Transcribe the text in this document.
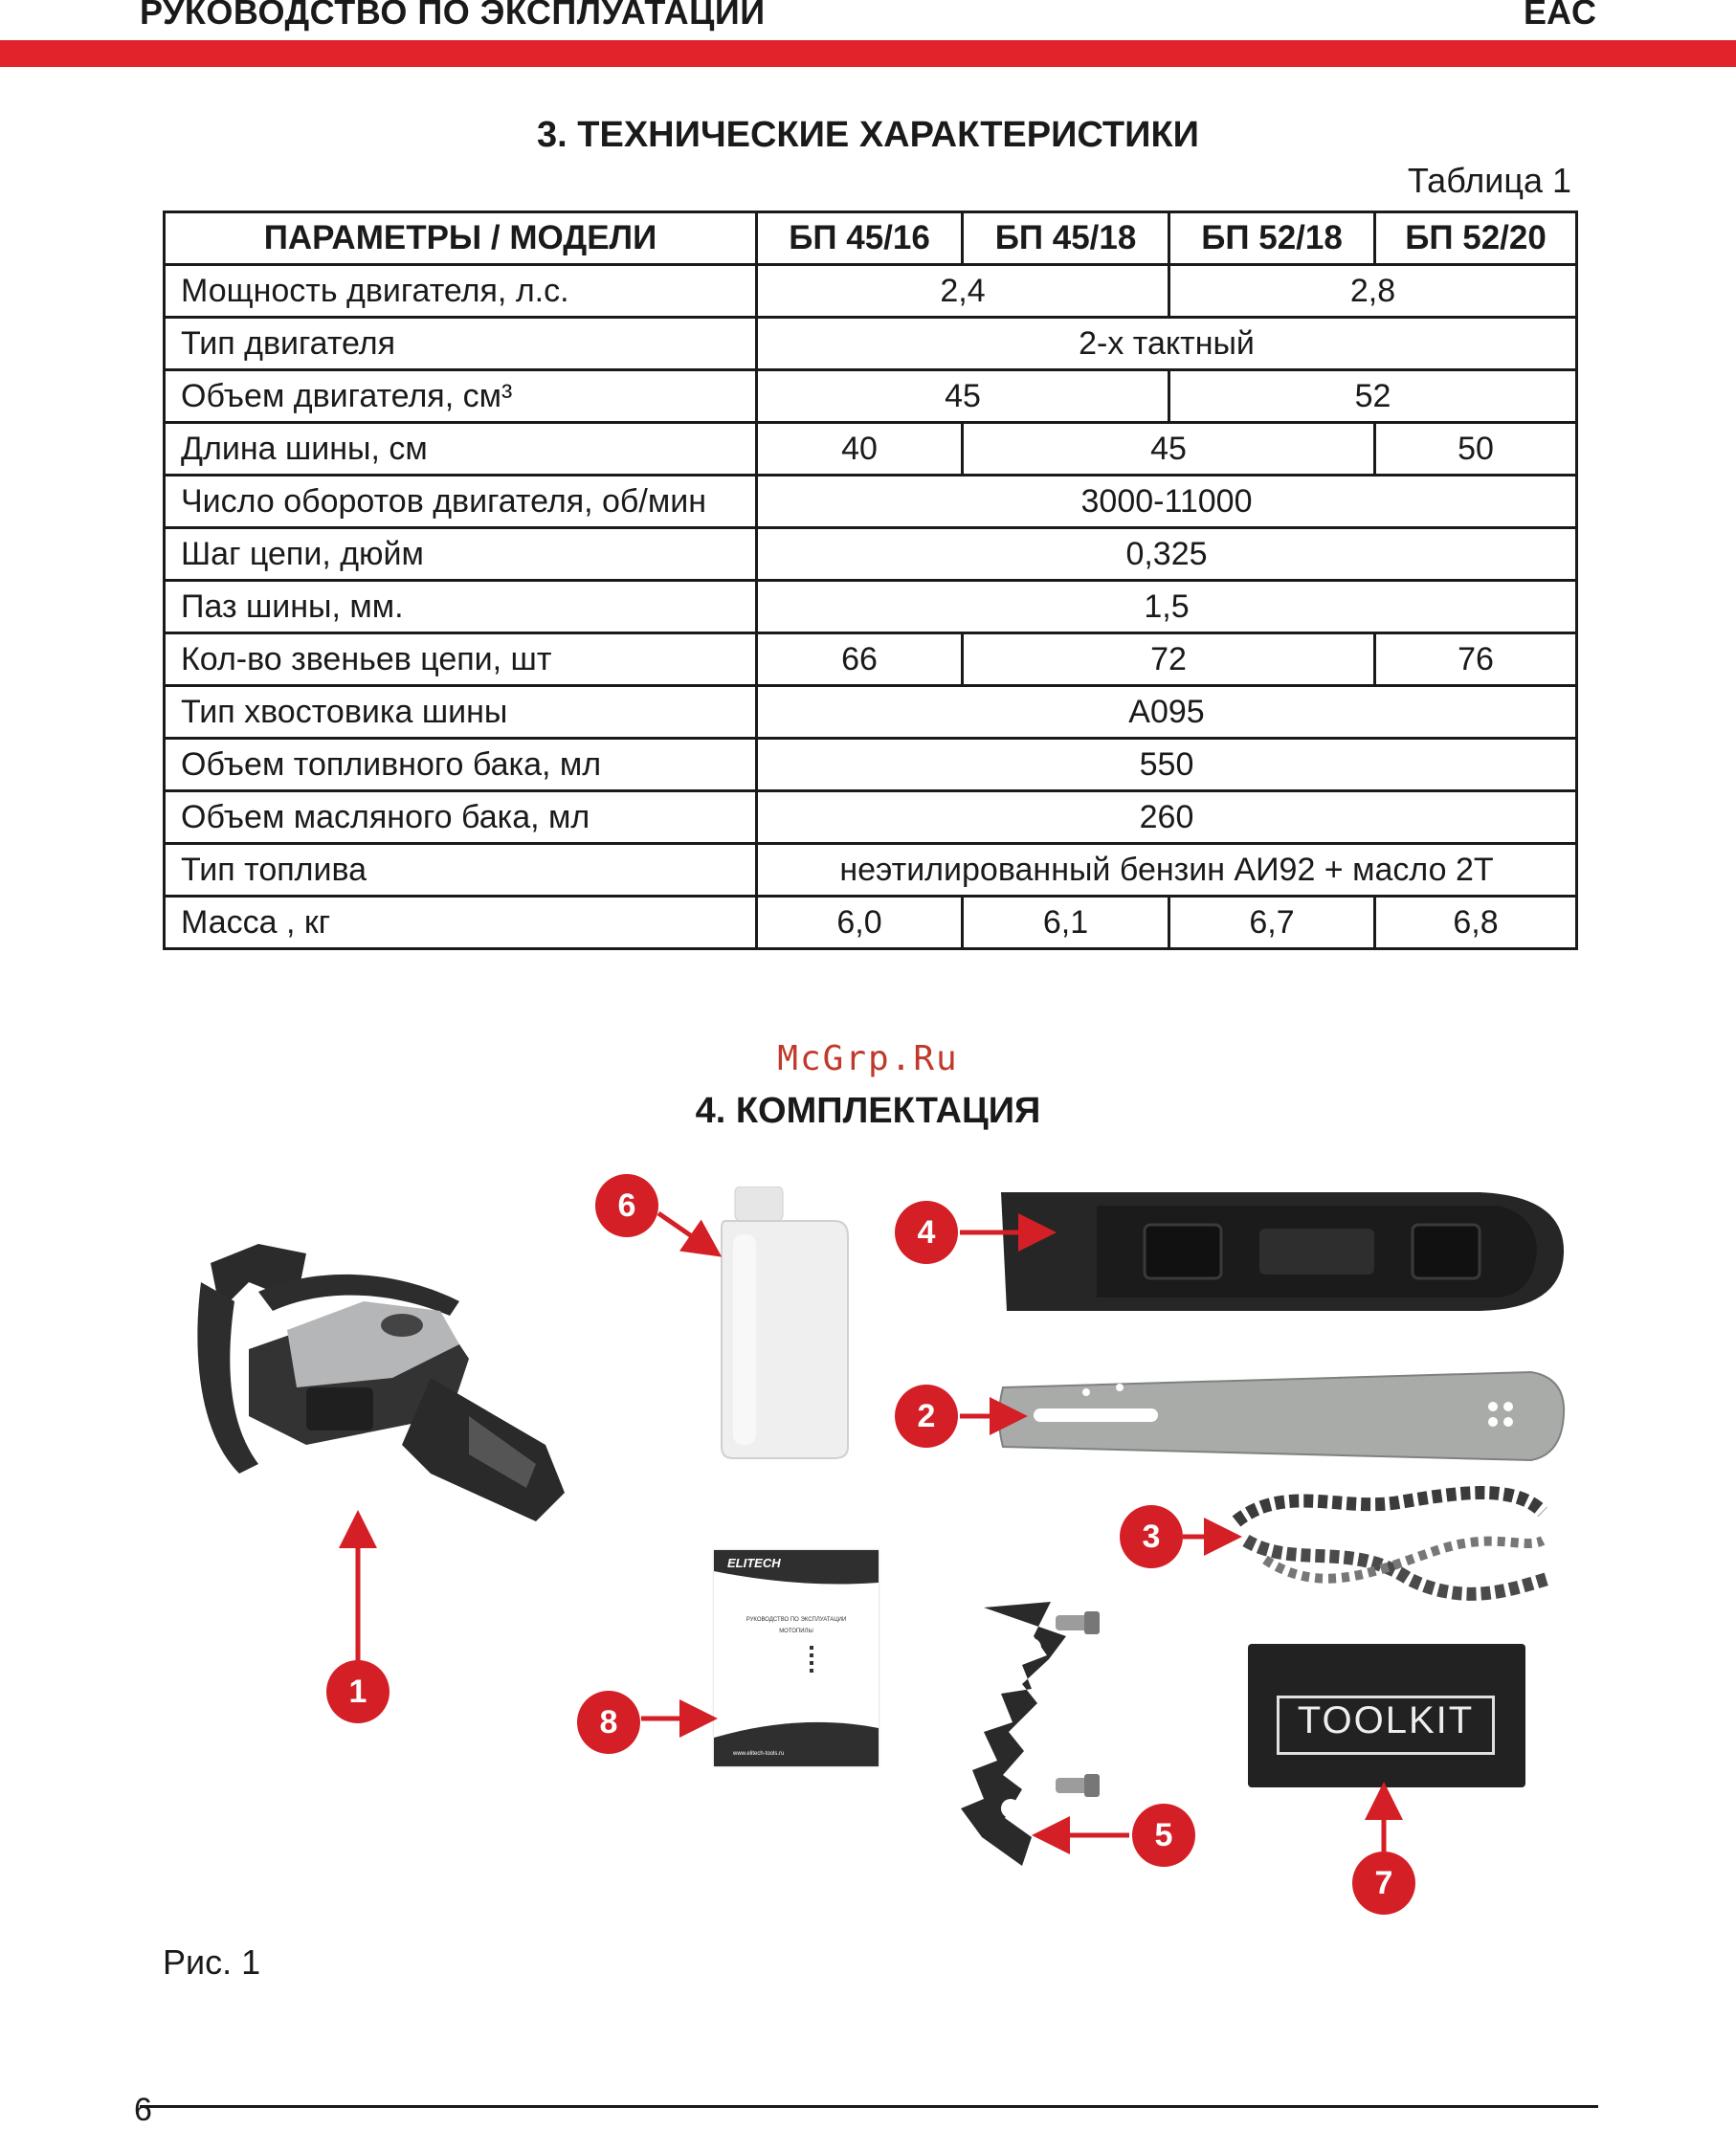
РУКОВОДСТВО ПО ЭКСПЛУАТАЦИИ	EAC
3. ТЕХНИЧЕСКИЕ ХАРАКТЕРИСТИКИ
Таблица 1
ПАРАМЕТРЫ / МОДЕЛИ	БП 45/16	БП 45/18	БП 52/18	БП 52/20
Мощность двигателя, л.с.	2,4		2,8	
Тип двигателя	2-х тактный			
Объем двигателя, см³	45		52	
Длина шины, см	40	45		50
Число оборотов двигателя, об/мин	3000-11000			
Шаг цепи, дюйм	0,325			
Паз шины, мм.	1,5			
Кол-во звеньев цепи, шт	66	72		76
Тип хвостовика шины	А095			
Объем топливного бака, мл	550			
Объем масляного бака, мл	260			
Тип топлива	неэтилированный бензин АИ92 + масло 2Т			
Масса , кг	6,0	6,1	6,7	6,8
McGrp.Ru
4. КОМПЛЕКТАЦИЯ
ELITECH
РУКОВОДСТВО ПО ЭКСПЛУАТАЦИИ
МОТОПИЛЫ
www.elitech-tools.ru
TOOLKIT
1
2
3
4
5
6
7
8
Рис. 1
6
